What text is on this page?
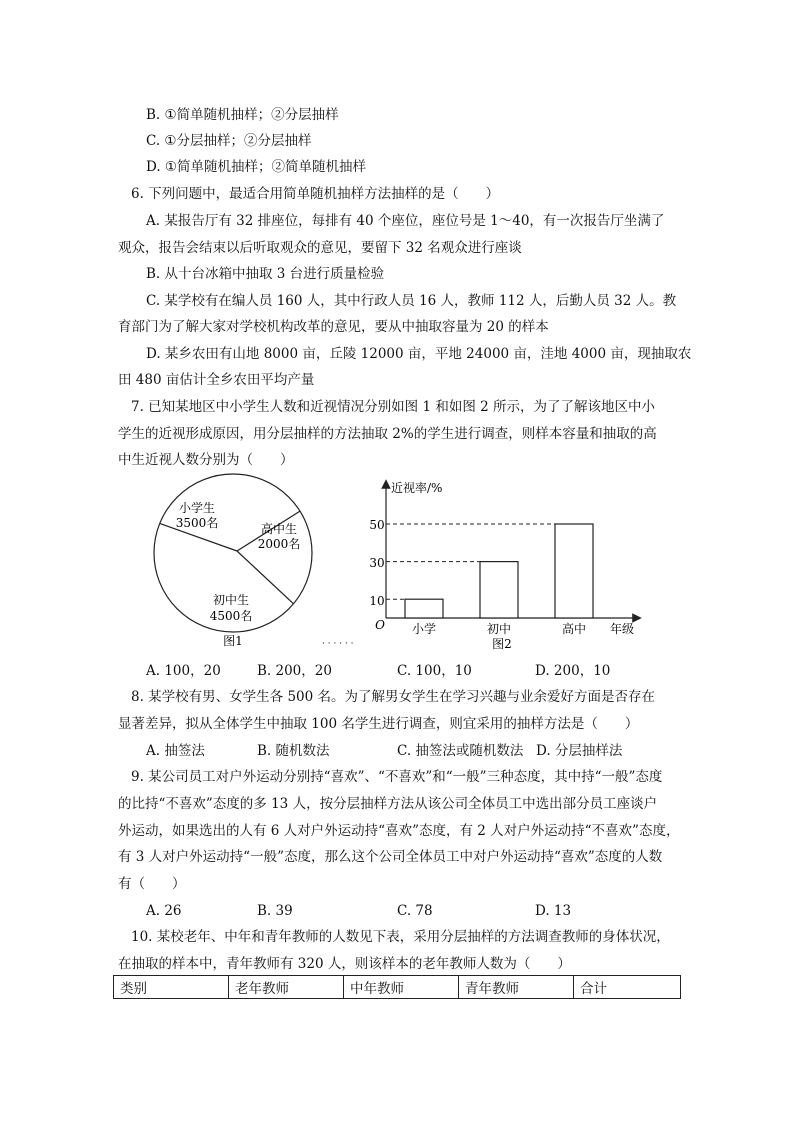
B. ①简单随机抽样；②分层抽样
C. ①分层抽样；②分层抽样
D. ①简单随机抽样；②简单随机抽样
6. 下列问题中，最适合用简单随机抽样方法抽样的是（　　）
A. 某报告厅有 32 排座位，每排有 40 个座位，座位号是 1～40，有一次报告厅坐满了
观众，报告会结束以后听取观众的意见，要留下 32 名观众进行座谈
B. 从十台冰箱中抽取 3 台进行质量检验
C. 某学校有在编人员 160 人，其中行政人员 16 人，教师 112 人，后勤人员 32 人。教
育部门为了解大家对学校机构改革的意见，要从中抽取容量为 20 的样本
D. 某乡农田有山地 8000 亩，丘陵 12000 亩，平地 24000 亩，洼地 4000 亩，现抽取农
田 480 亩估计全乡农田平均产量
7. 已知某地区中小学生人数和近视情况分别如图 1 和如图 2 所示，为了了解该地区中小
学生的近视形成原因，用分层抽样的方法抽取 2%的学生进行调查，则样本容量和抽取的高
中生近视人数分别为（　　）
小学生
3500名	高中生
2000名
初中生
4500名
图1	· · · · · ·
近视率/%
年级
O
10
30
50
小学	初中	高中
图2
A. 100，20	B. 200，20	C. 100，10	D. 200，10
8. 某学校有男、女学生各 500 名。为了解男女学生在学习兴趣与业余爱好方面是否存在
显著差异，拟从全体学生中抽取 100 名学生进行调查，则宜采用的抽样方法是（　　）
A. 抽签法	B. 随机数法	C. 抽签法或随机数法 D. 分层抽样法
9. 某公司员工对户外运动分别持“喜欢”、“不喜欢”和“一般”三种态度，其中持“一般”态度
的比持“不喜欢”态度的多 13 人，按分层抽样方法从该公司全体员工中选出部分员工座谈户
外运动，如果选出的人有 6 人对户外运动持“喜欢”态度，有 2 人对户外运动持“不喜欢”态度，
有 3 人对户外运动持“一般”态度，那么这个公司全体员工中对户外运动持“喜欢”态度的人数
有（　　）
A. 26	B. 39	C. 78	D. 13
10. 某校老年、中年和青年教师的人数见下表，采用分层抽样的方法调查教师的身体状况，
在抽取的样本中，青年教师有 320 人，则该样本的老年教师人数为（　　）
类别	老年教师	中年教师	青年教师	合计
